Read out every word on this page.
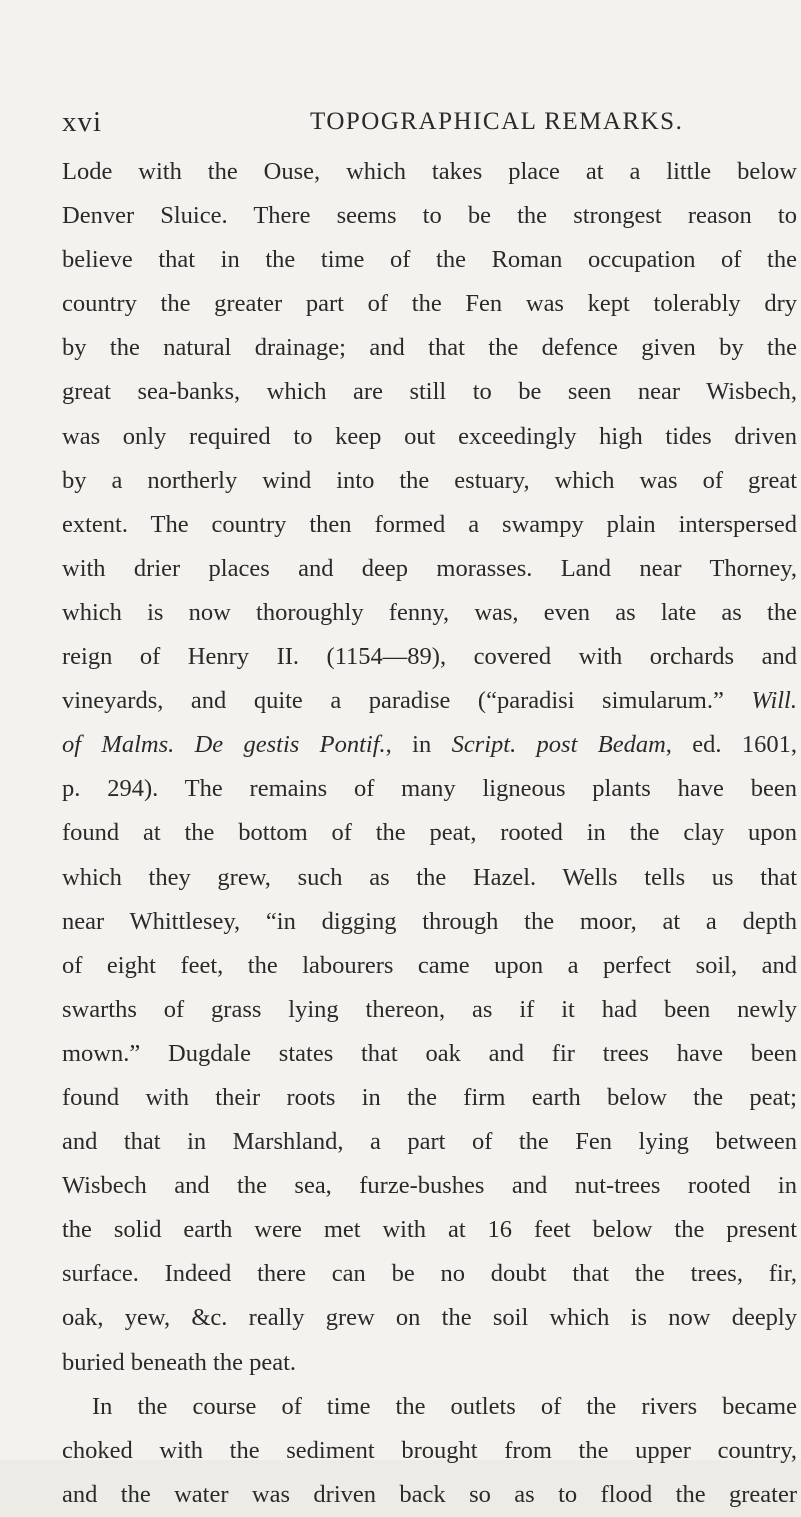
xvi	TOPOGRAPHICAL REMARKS.
Lode with the Ouse, which takes place at a little below
Denver Sluice. There seems to be the strongest reason to
believe that in the time of the Roman occupation of the
country the greater part of the Fen was kept tolerably dry
by the natural drainage; and that the defence given by the
great sea-banks, which are still to be seen near Wisbech,
was only required to keep out exceedingly high tides driven
by a northerly wind into the estuary, which was of great
extent. The country then formed a swampy plain interspersed
with drier places and deep morasses. Land near Thorney,
which is now thoroughly fenny, was, even as late as the
reign of Henry II. (1154—89), covered with orchards and
vineyards, and quite a paradise (“paradisi simularum.” Will.
of Malms. De gestis Pontif., in Script. post Bedam, ed. 1601,
p. 294). The remains of many ligneous plants have been
found at the bottom of the peat, rooted in the clay upon
which they grew, such as the Hazel. Wells tells us that
near Whittlesey, “in digging through the moor, at a depth
of eight feet, the labourers came upon a perfect soil, and
swarths of grass lying thereon, as if it had been newly
mown.” Dugdale states that oak and fir trees have been
found with their roots in the firm earth below the peat;
and that in Marshland, a part of the Fen lying between
Wisbech and the sea, furze-bushes and nut-trees rooted in
the solid earth were met with at 16 feet below the present
surface. Indeed there can be no doubt that the trees, fir,
oak, yew, &c. really grew on the soil which is now deeply
buried beneath the peat.
In the course of time the outlets of the rivers became
choked with the sediment brought from the upper country,
and the water was driven back so as to flood the greater
